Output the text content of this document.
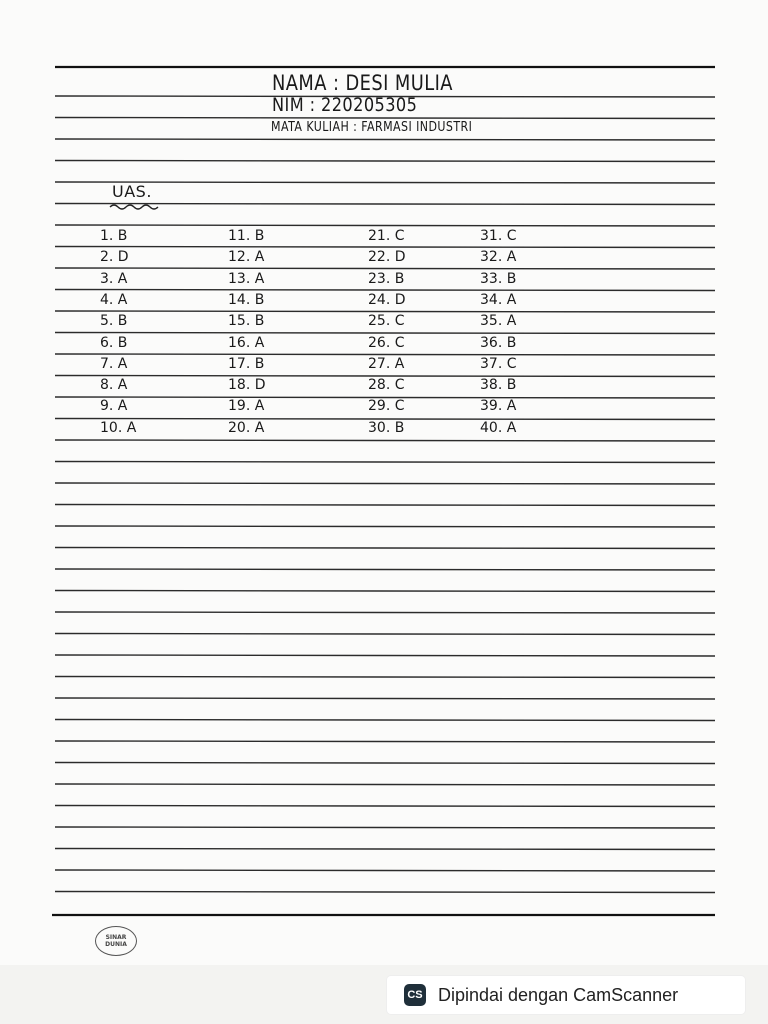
NAMA : DESI MULIA
NIM : 220205305
MATA KULIAH : FARMASI INDUSTRI
UAS.
1. B	11. B	21. C	31. C
2. D	12. A	22. D	32. A
3. A	13. A	23. B	33. B
4. A	14. B	24. D	34. A
5. B	15. B	25. C	35. A
6. B	16. A	26. C	36. B
7. A	17. B	27. A	37. C
8. A	18. D	28. C	38. B
9. A	19. A	29. C	39. A
10. A	20. A	30. B	40. A
SINAR
DUNIA
CS Dipindai dengan CamScanner
